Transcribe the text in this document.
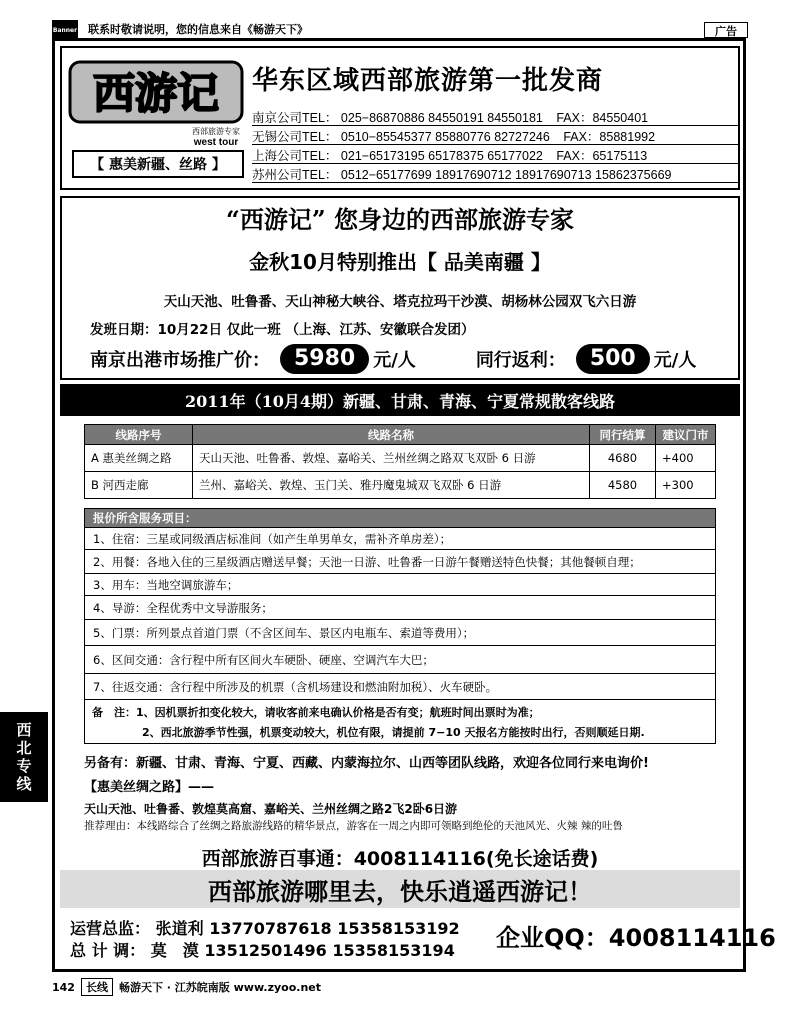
Banner 联系时敬请说明，您的信息来自《畅游天下》	广告
西游记
西部旅游专家
west tour
【 惠美新疆、丝路 】
华东区域西部旅游第一批发商
南京公司TEL： 025−86870886 84550191 84550181 FAX：84550401
无锡公司TEL： 0510−85545377 85880776 82727246 FAX：85881992
上海公司TEL： 021−65173195 65178375 65177022 FAX：65175113
苏州公司TEL： 0512−65177699 18917690712 18917690713 15862375669
“西游记” 您身边的西部旅游专家
金秋10月特别推出【 品美南疆 】
天山天池、吐鲁番、天山神秘大峡谷、塔克拉玛干沙漠、胡杨林公园双飞六日游
发班日期：10月22日 仅此一班 （上海、江苏、安徽联合发团）
南京出港市场推广价：	5980	元/人	同行返利：	500	元/人
2011年（10月4期）新疆、甘肃、青海、宁夏常规散客线路
线路序号	线路名称	同行结算	建议门市
A 惠美丝绸之路	天山天池、吐鲁番、敦煌、嘉峪关、兰州丝绸之路双飞双卧 6 日游	4680	+400
B 河西走廊	兰州、嘉峪关、敦煌、玉门关、雅丹魔鬼城双飞双卧 6 日游	4580	+300
报价所含服务项目：
1、住宿：三星或同级酒店标准间（如产生单男单女，需补齐单房差）；
2、用餐：各地入住的三星级酒店赠送早餐；天池一日游、吐鲁番一日游午餐赠送特色快餐；其他餐顿自理；
3、用车：当地空调旅游车；
4、导游：全程优秀中文导游服务；
5、门票：所列景点首道门票（不含区间车、景区内电瓶车、索道等费用）；
6、区间交通：含行程中所有区间火车硬卧、硬座、空调汽车大巴；
7、往返交通：含行程中所涉及的机票（含机场建设和燃油附加税）、火车硬卧。
备　注：1、因机票折扣变化较大，请收客前来电确认价格是否有变；航班时间出票时为准；
2、西北旅游季节性强，机票变动较大，机位有限，请提前 7−10 天报名方能按时出行，否则顺延日期.
另备有：新疆、甘肃、青海、宁夏、西藏、内蒙海拉尔、山西等团队线路，欢迎各位同行来电询价!
【惠美丝绸之路】——
天山天池、吐鲁番、敦煌莫高窟、嘉峪关、兰州丝绸之路2飞2卧6日游
推荐理由：本线路综合了丝绸之路旅游线路的精华景点，游客在一周之内即可领略到绝伦的天池风光、火辣 辣的吐鲁
西部旅游百事通：4008114116(免长途话费)
西部旅游哪里去，快乐逍遥西游记！
运营总监： 张道利 13770787618 15358153192
总 计 调： 莫　漠 13512501496 15358153194 企业QQ：4008114116
142	长线	畅游天下 · 江苏皖南版 www.zyoo.net
西
北
专
线
